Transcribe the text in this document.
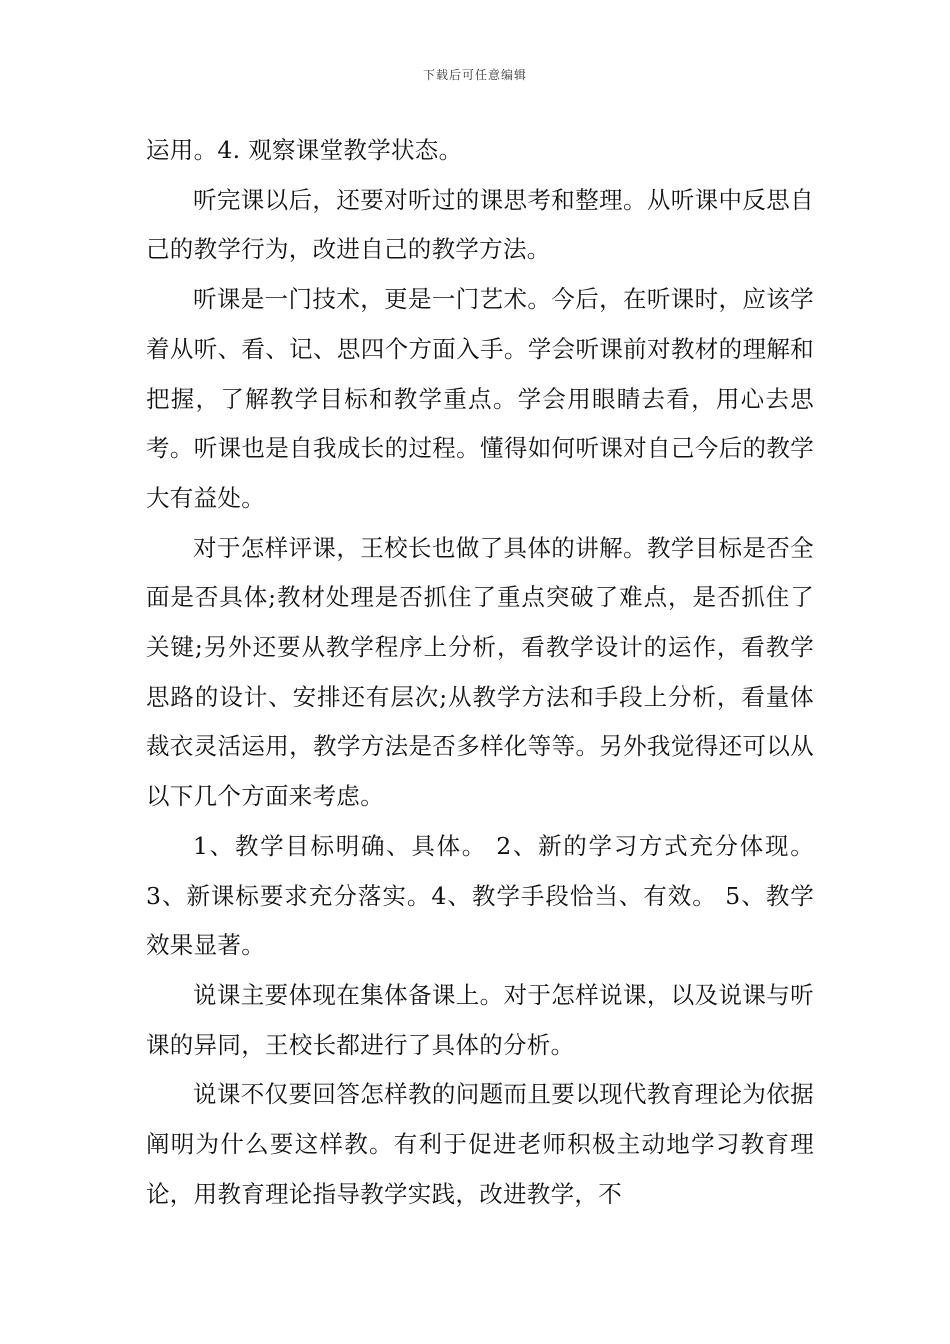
下载后可任意编辑

运用。4. 观察课堂教学状态。

听完课以后，还要对听过的课思考和整理。从听课中反思自己的教学行为，改进自己的教学方法。

听课是一门技术，更是一门艺术。今后，在听课时，应该学着从听、看、记、思四个方面入手。学会听课前对教材的理解和把握，了解教学目标和教学重点。学会用眼睛去看，用心去思考。听课也是自我成长的过程。懂得如何听课对自己今后的教学大有益处。

对于怎样评课，王校长也做了具体的讲解。教学目标是否全面是否具体;教材处理是否抓住了重点突破了难点，是否抓住了关键;另外还要从教学程序上分析，看教学设计的运作，看教学思路的设计、安排还有层次;从教学方法和手段上分析，看量体裁衣灵活运用，教学方法是否多样化等等。另外我觉得还可以从以下几个方面来考虑。

1、教学目标明确、具体。 2、新的学习方式充分体现。3、新课标要求充分落实。4、教学手段恰当、有效。 5、教学效果显著。

说课主要体现在集体备课上。对于怎样说课，以及说课与听课的异同，王校长都进行了具体的分析。

说课不仅要回答怎样教的问题而且要以现代教育理论为依据阐明为什么要这样教。有利于促进老师积极主动地学习教育理论，用教育理论指导教学实践，改进教学，不
